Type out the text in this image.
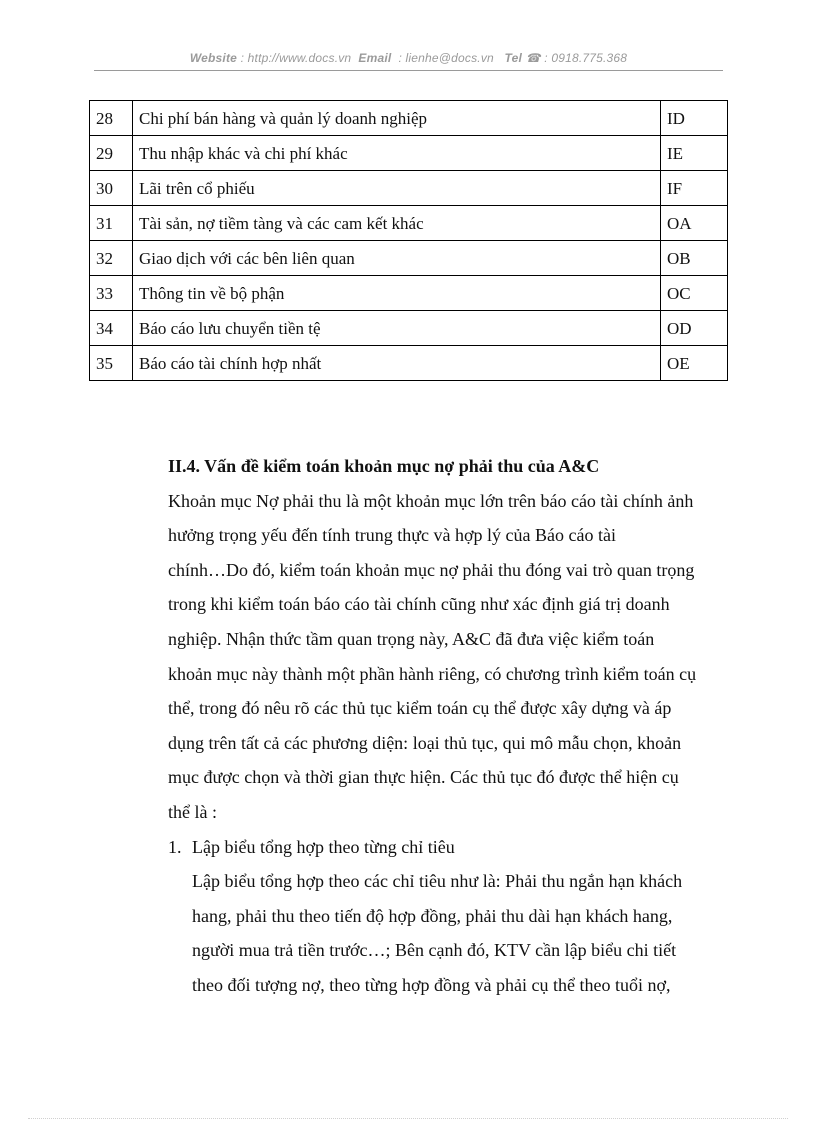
Website : http://www.docs.vn Email : lienhe@docs.vn Tel ☎ : 0918.775.368
28	Chi phí bán hàng và quản lý doanh nghiệp	ID
29	Thu nhập khác và chi phí khác	IE
30	Lãi trên cổ phiếu	IF
31	Tài sản, nợ tiềm tàng và các cam kết khác	OA
32	Giao dịch với các bên liên quan	OB
33	Thông tin về bộ phận	OC
34	Báo cáo lưu chuyển tiền tệ	OD
35	Báo cáo tài chính hợp nhất	OE
II.4. Vấn đề kiểm toán khoản mục nợ phải thu của A&C
Khoản mục Nợ phải thu là một khoản mục lớn trên báo cáo tài chính ảnh
hưởng trọng yếu đến tính trung thực và hợp lý của Báo cáo tài
chính…Do đó, kiểm toán khoản mục nợ phải thu đóng vai trò quan trọng
trong khi kiểm toán báo cáo tài chính cũng như xác định giá trị doanh
nghiệp. Nhận thức tầm quan trọng này, A&C đã đưa việc kiểm toán
khoản mục này thành một phần hành riêng, có chương trình kiểm toán cụ
thể, trong đó nêu rõ các thủ tục kiểm toán cụ thể được xây dựng và áp
dụng trên tất cả các phương diện: loại thủ tục, qui mô mẫu chọn, khoản
mục được chọn và thời gian thực hiện. Các thủ tục đó được thể hiện cụ
thể là :
1. Lập biểu tổng hợp theo từng chỉ tiêu
Lập biểu tổng hợp theo các chỉ tiêu như là: Phải thu ngắn hạn khách
hang, phải thu theo tiến độ hợp đồng, phải thu dài hạn khách hang,
người mua trả tiền trước…; Bên cạnh đó, KTV cần lập biểu chi tiết
theo đối tượng nợ, theo từng hợp đồng và phải cụ thể theo tuổi nợ,
